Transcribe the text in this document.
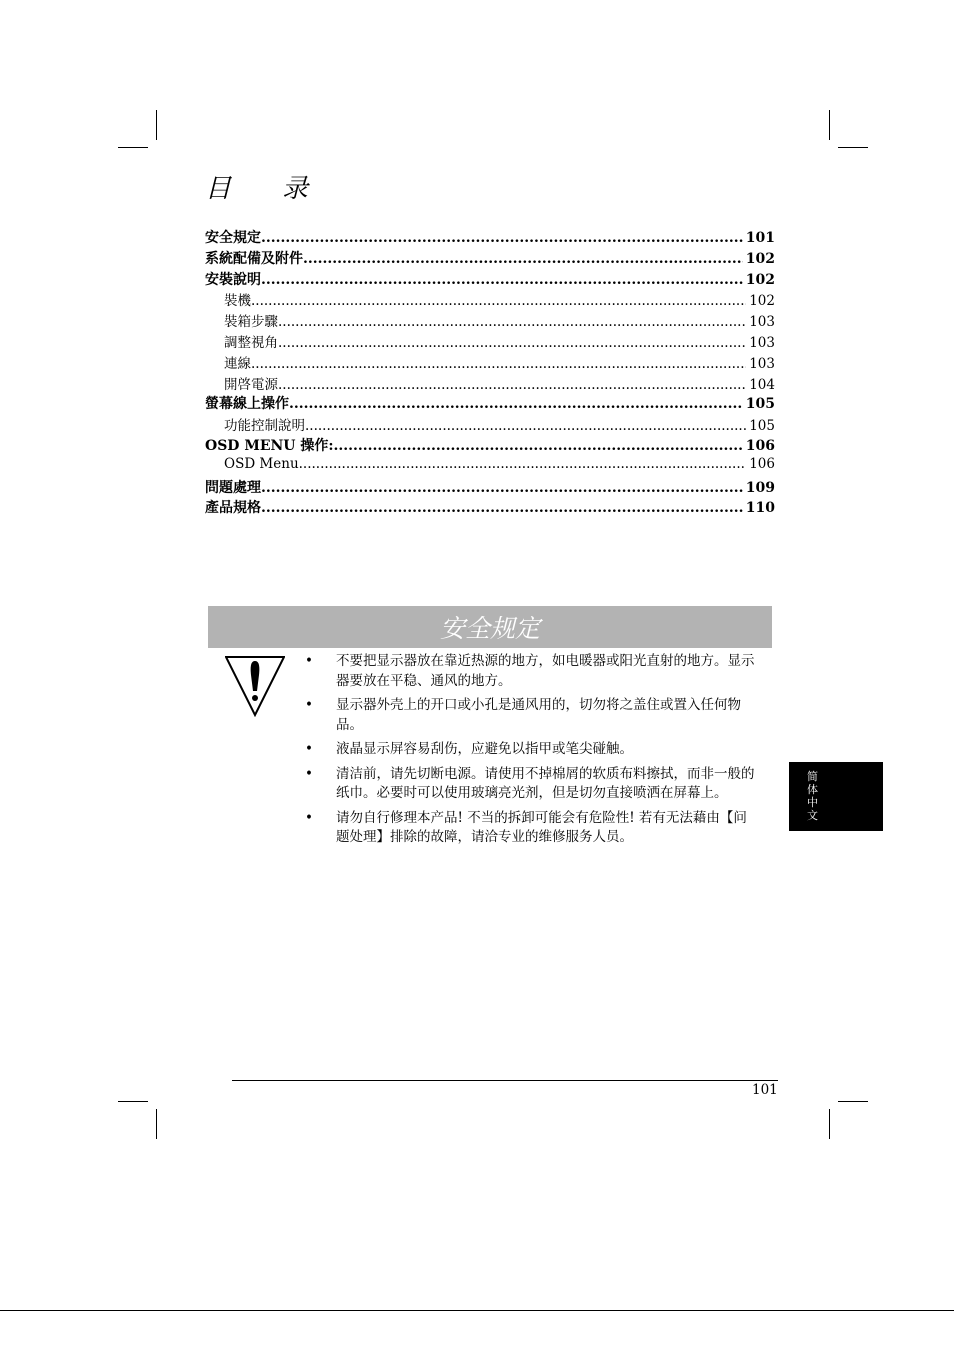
目 录
安全規定 .....	101
系統配備及附件 .....	102
安裝說明 .....	102
裝機 .....	102
裝箱步驟 .....	103
調整視角 .....	103
連線 .....	103
開啓電源 .....	104
螢幕線上操作 .....	105
功能控制說明 .....	105
OSD MENU 操作: .....	106
OSD Menu .....	106
問題處理 .....	109
產品規格 .....	110
安全规定
•	不要把显示器放在靠近热源的地方，如电暖器或阳光直射的地方。显示器要放在平稳、通风的地方。
•	显示器外壳上的开口或小孔是通风用的，切勿将之盖住或置入任何物品。
•	液晶显示屏容易刮伤，应避免以指甲或笔尖碰触。
•	清洁前，请先切断电源。请使用不掉棉屑的软质布料擦拭，而非一般的纸巾。必要时可以使用玻璃亮光剂，但是切勿直接喷洒在屏幕上。
•	请勿自行修理本产品! 不当的拆卸可能会有危险性! 若有无法藉由【问题处理】排除的故障，请洽专业的维修服务人员。
简体中文
101
